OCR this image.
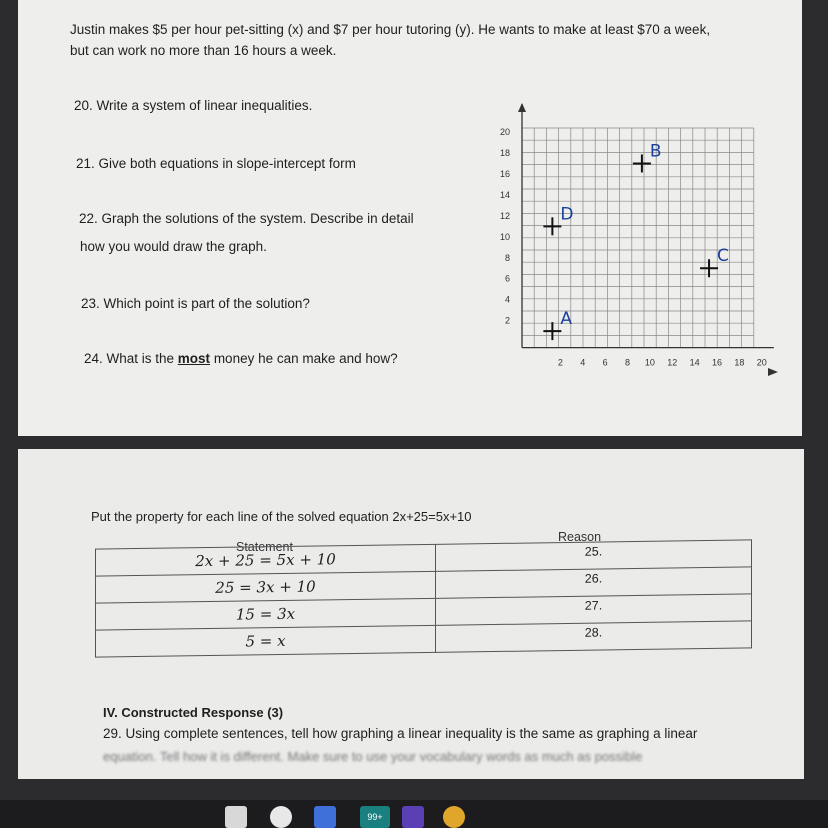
Justin makes $5 per hour pet-sitting (x) and $7 per hour tutoring (y). He wants to make at least $70 a week,
but can work no more than 16 hours a week.
20. Write a system of linear inequalities.
21. Give both equations in slope-intercept form
22. Graph the solutions of the system. Describe in detail
how you would draw the graph.
23. Which point is part of the solution?
24. What is the most money he can make and how?
20
18
16
14
12
10
8
6
4
2
2 4 6 8 10 12 14 16 18 20
B
D
C
A
Put the property for each line of the solved equation 2x+25=5x+10
Statement
Reason
2x + 25 = 5x + 10	25.
25 = 3x + 10	26.
15 = 3x	27.
5 = x	28.
IV. Constructed Response (3)
29. Using complete sentences, tell how graphing a linear inequality is the same as graphing a linear
equation. Tell how it is different. Make sure to use your vocabulary words as much as possible
99+
